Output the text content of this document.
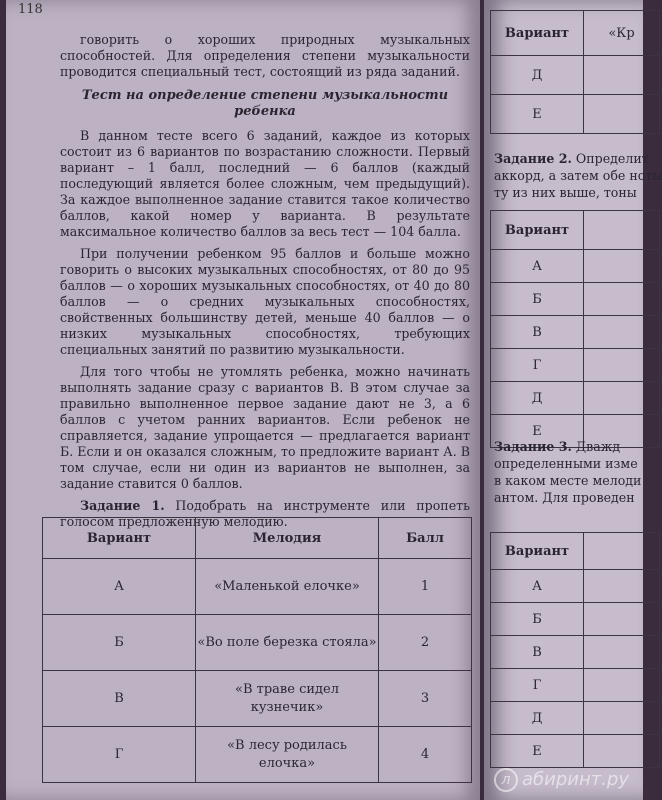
118

говорить о хороших природных музыкальных способностей. Для определения степени музыкальности проводится специальный тест, состоящий из ряда заданий.

Тест на определение степени музыкальности ребенка

В данном тесте всего 6 заданий, каждое из которых состоит из 6 вариантов по возрастанию сложности. Первый вариант – 1 балл, последний — 6 баллов (каждый последующий является более сложным, чем предыдущий). За каждое выполненное задание ставится такое количество баллов, какой номер у варианта. В результате максимальное количество баллов за весь тест — 104 балла.

При получении ребенком 95 баллов и больше можно говорить о высоких музыкальных способностях, от 80 до 95 баллов — о хороших музыкальных способностях, от 40 до 80 баллов — о средних музыкальных способностях, свойственных большинству детей, меньше 40 баллов — о низких музыкальных способностях, требующих специальных занятий по развитию музыкальности.

Для того чтобы не утомлять ребенка, можно начинать выполнять задание сразу с вариантов В. В этом случае за правильно выполненное первое задание дают не 3, а 6 баллов с учетом ранних вариантов. Если ребенок не справляется, задание упрощается — предлагается вариант Б. Если и он оказался сложным, то предложите вариант А. В том случае, если ни один из вариантов не выполнен, за задание ставится 0 баллов.

Задание 1. Подобрать на инструменте или пропеть голосом предложенную мелодию.

Вариант	Мелодия	Балл
А	«Маленькой елочке»	1
Б	«Во поле березка стояла»	2
В	«В траве сидел кузнечик»	3
Г	«В лесу родилась елочка»	4
Вариант	«Кр
Д	
Е	
Задание 2. Определит
аккорд, а затем обе ноты
ту из них выше, тоны
Вариант	
А	
Б	
В	
Г	
Д	
Е	
Задание 3. Дважд
определенными изме
в каком месте мелоди
антом. Для проведен
Вариант	
А	
Б	
В	
Г	
Д	
Е	
л абиринт.ру
